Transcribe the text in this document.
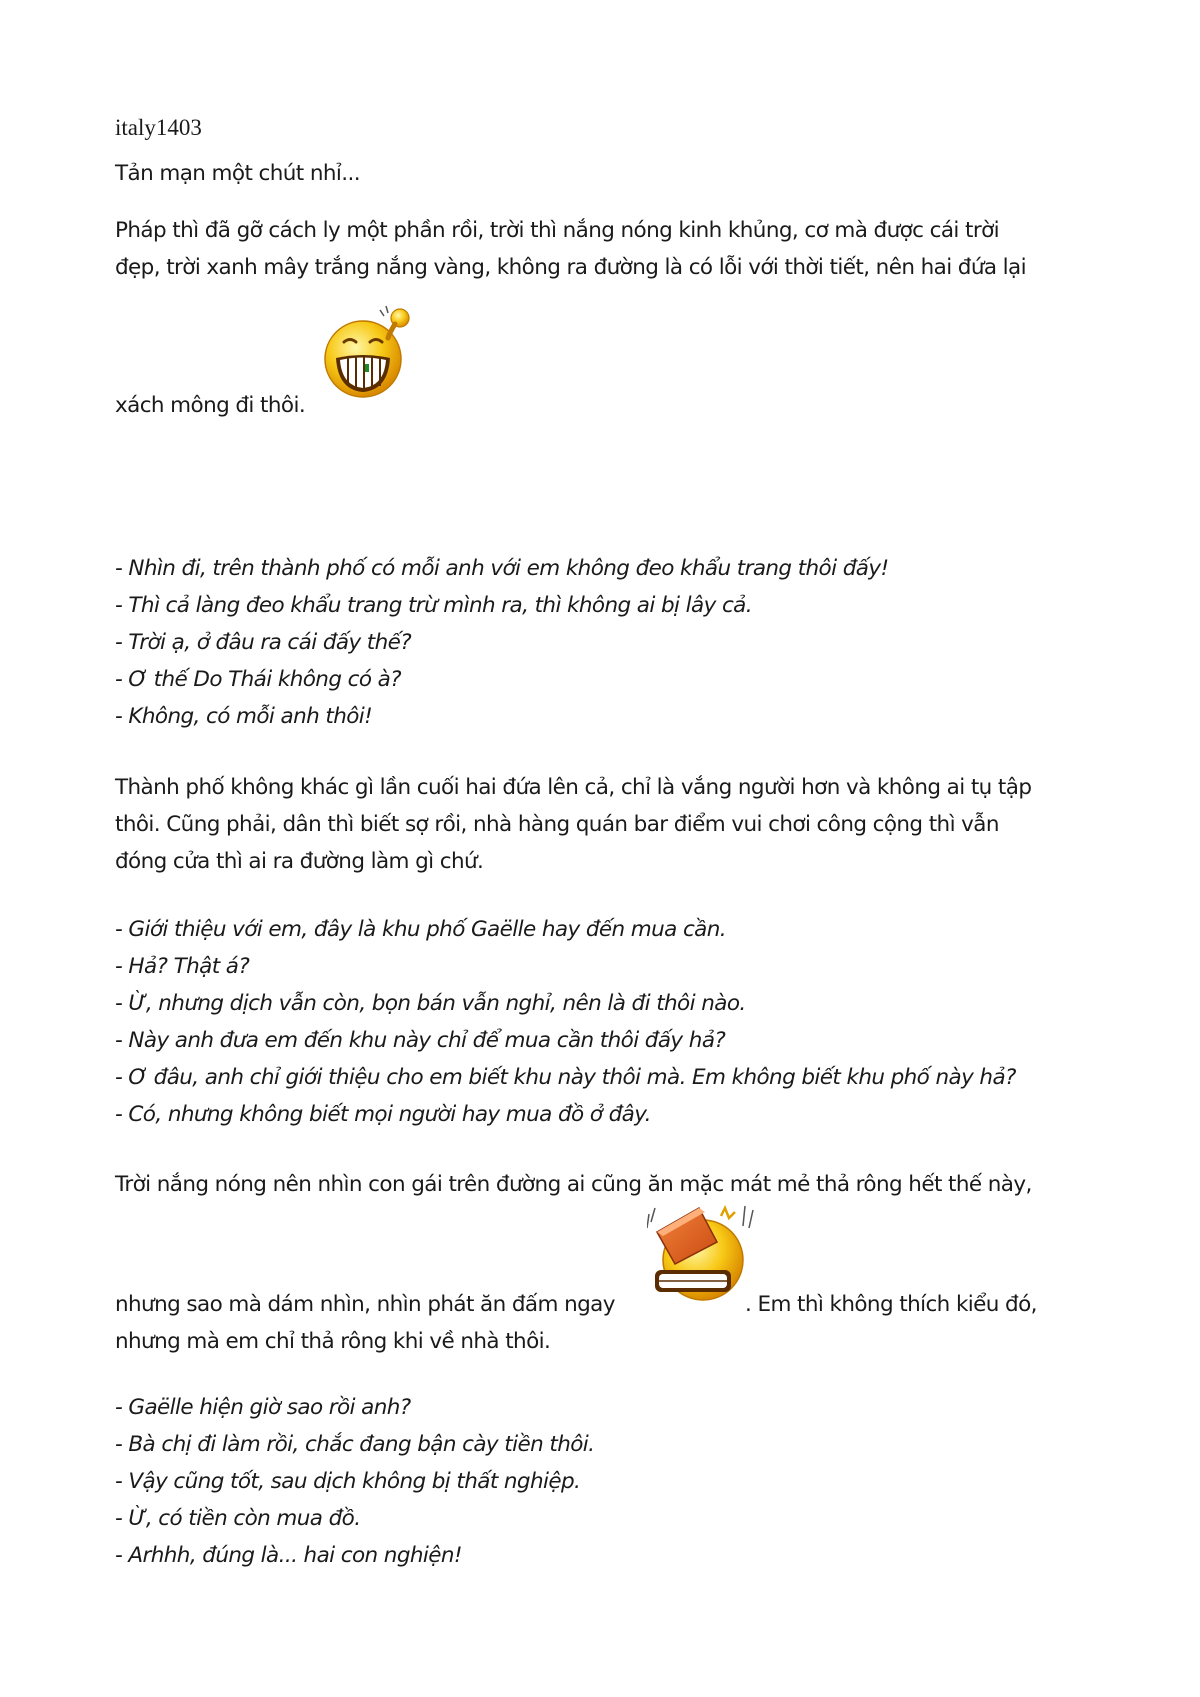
italy1403
Tản mạn một chút nhỉ...
Pháp thì đã gỡ cách ly một phần rồi, trời thì nắng nóng kinh khủng, cơ mà được cái trời
đẹp, trời xanh mây trắng nắng vàng, không ra đường là có lỗi với thời tiết, nên hai đứa lại
xách mông đi thôi.
- Nhìn đi, trên thành phố có mỗi anh với em không đeo khẩu trang thôi đấy!
- Thì cả làng đeo khẩu trang trừ mình ra, thì không ai bị lây cả.
- Trời ạ, ở đâu ra cái đấy thế?
- Ơ thế Do Thái không có à?
- Không, có mỗi anh thôi!
Thành phố không khác gì lần cuối hai đứa lên cả, chỉ là vắng người hơn và không ai tụ tập
thôi. Cũng phải, dân thì biết sợ rồi, nhà hàng quán bar điểm vui chơi công cộng thì vẫn
đóng cửa thì ai ra đường làm gì chứ.
- Giới thiệu với em, đây là khu phố Gaëlle hay đến mua cần.
- Hả? Thật á?
- Ừ, nhưng dịch vẫn còn, bọn bán vẫn nghỉ, nên là đi thôi nào.
- Này anh đưa em đến khu này chỉ để mua cần thôi đấy hả?
- Ơ đâu, anh chỉ giới thiệu cho em biết khu này thôi mà. Em không biết khu phố này hả?
- Có, nhưng không biết mọi người hay mua đồ ở đây.
Trời nắng nóng nên nhìn con gái trên đường ai cũng ăn mặc mát mẻ thả rông hết thế này,
nhưng sao mà dám nhìn, nhìn phát ăn đấm ngay	. Em thì không thích kiểu đó,
nhưng mà em chỉ thả rông khi về nhà thôi.
- Gaëlle hiện giờ sao rồi anh?
- Bà chị đi làm rồi, chắc đang bận cày tiền thôi.
- Vậy cũng tốt, sau dịch không bị thất nghiệp.
- Ừ, có tiền còn mua đồ.
- Arhhh, đúng là... hai con nghiện!
